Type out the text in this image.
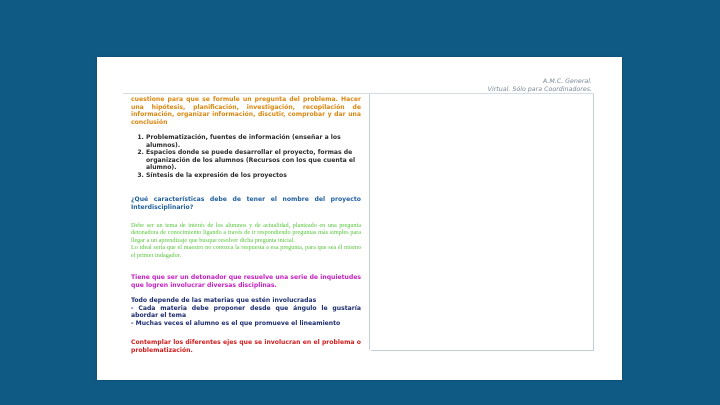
A.M.C. General.
Virtual. Sólo para Coordinadores.

cuestione para que se formule un pregunta del problema. Hacer una hipótesis, planificación, investigación, recopilación de información, organizar información, discutir, comprobar y dar una conclusión

1. Problematización, fuentes de información (enseñar a los alumnos).
2. Espacios donde se puede desarrollar el proyecto, formas de organización de los alumnos (Recursos con los que cuenta el alumno).
3. Síntesis de la expresión de los proyectos

¿Qué características debe de tener el nombre del proyecto Interdisciplinario?

Debe ser un tema de interés de los alumnos y de actualidad, planteado en una pregunta detonadora de conocimiento ligando a través de ir respondiendo preguntas más simples para llegar a un aprendizaje que busque resolver dicha pregunta inicial.
Lo ideal sería que el maestro no conozca la respuesta a esa pregunta, para que sea él mismo el primer indagador.

Tiene que ser un detonador que resuelve una serie de inquietudes que logren involucrar diversas disciplinas.

Todo depende de las materias que estén involucradas

- Cada materia debe proponer desde que ángulo le gustaría abordar el tema

- Muchas veces el alumno es el que promueve el lineamiento

Contemplar los diferentes ejes que se involucran en el problema o problematización.
